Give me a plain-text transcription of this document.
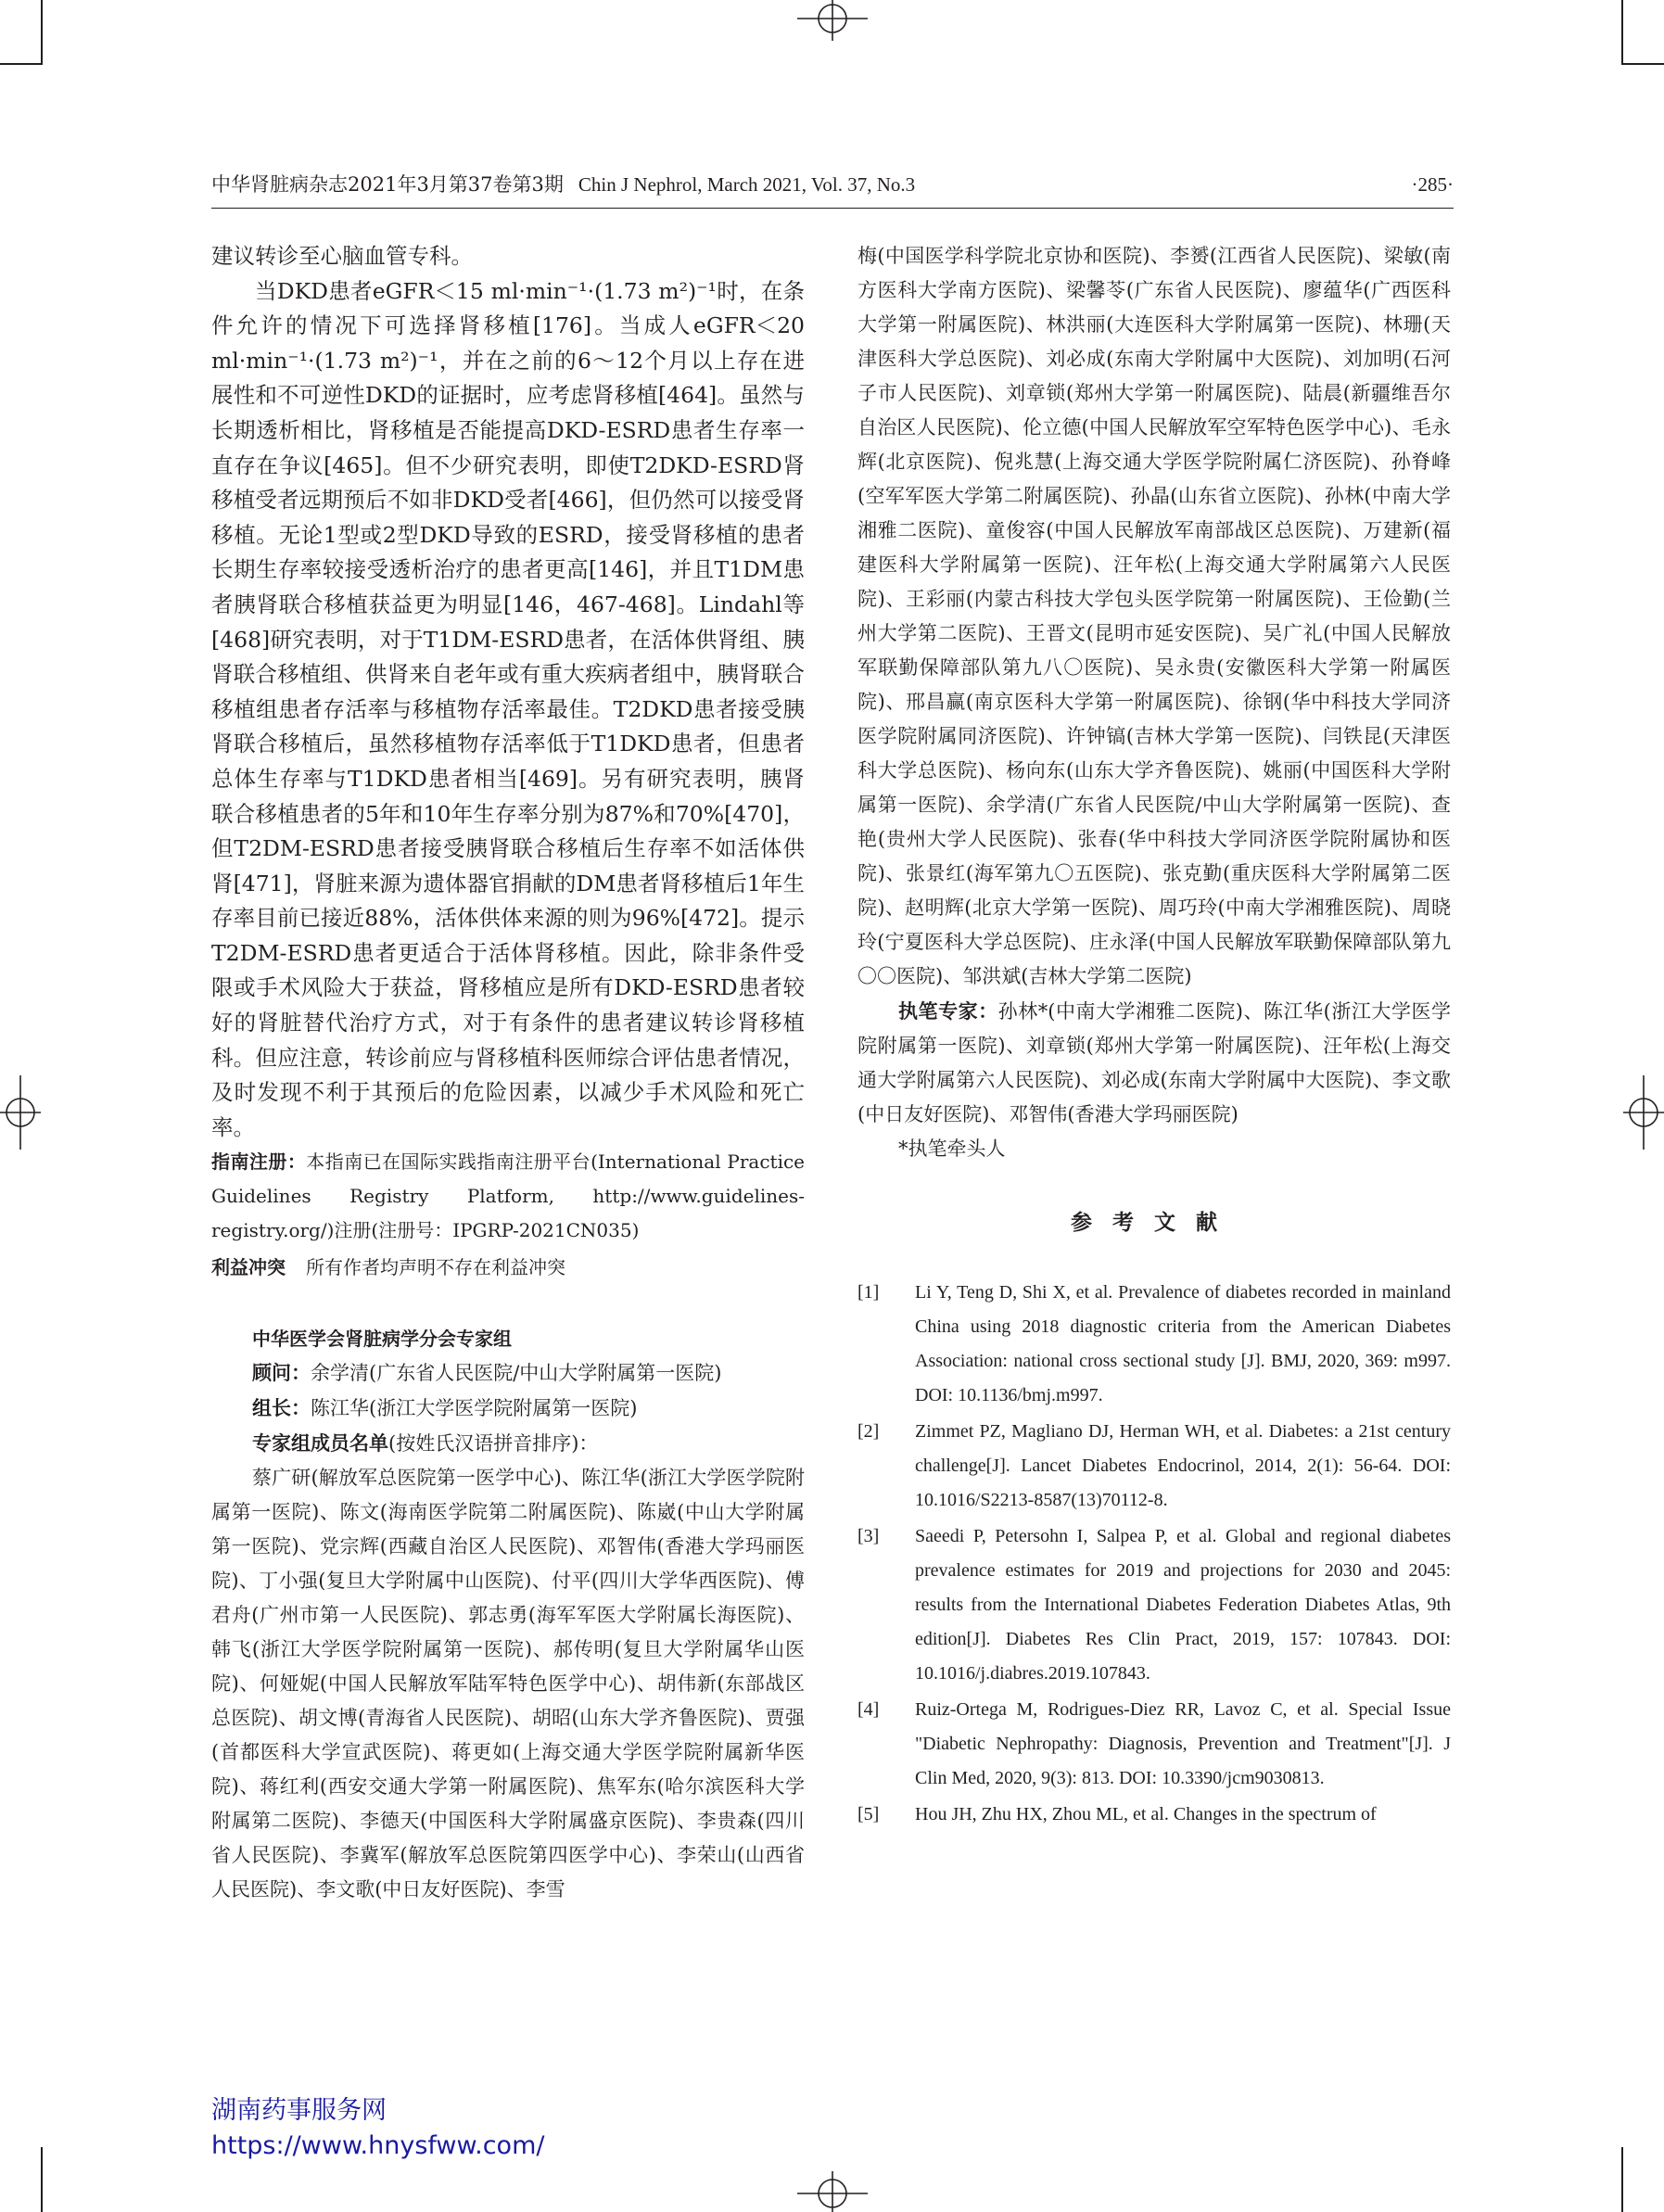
中华肾脏病杂志2021年3月第37卷第3期 Chin J Nephrol, March 2021, Vol. 37, No.3	·285·

建议转诊至心脑血管专科。

当DKD患者eGFR＜15 ml·min⁻¹·(1.73 m²)⁻¹时，在条件允许的情况下可选择肾移植[176]。当成人eGFR＜20 ml·min⁻¹·(1.73 m²)⁻¹，并在之前的6～12个月以上存在进展性和不可逆性DKD的证据时，应考虑肾移植[464]。虽然与长期透析相比，肾移植是否能提高DKD-ESRD患者生存率一直存在争议[465]。但不少研究表明，即使T2DKD-ESRD肾移植受者远期预后不如非DKD受者[466]，但仍然可以接受肾移植。无论1型或2型DKD导致的ESRD，接受肾移植的患者长期生存率较接受透析治疗的患者更高[146]，并且T1DM患者胰肾联合移植获益更为明显[146，467-468]。Lindahl等[468]研究表明，对于T1DM-ESRD患者，在活体供肾组、胰肾联合移植组、供肾来自老年或有重大疾病者组中，胰肾联合移植组患者存活率与移植物存活率最佳。T2DKD患者接受胰肾联合移植后，虽然移植物存活率低于T1DKD患者，但患者总体生存率与T1DKD患者相当[469]。另有研究表明，胰肾联合移植患者的5年和10年生存率分别为87%和70%[470]，但T2DM-ESRD患者接受胰肾联合移植后生存率不如活体供肾[471]，肾脏来源为遗体器官捐献的DM患者肾移植后1年生存率目前已接近88%，活体供体来源的则为96%[472]。提示T2DM-ESRD患者更适合于活体肾移植。因此，除非条件受限或手术风险大于获益，肾移植应是所有DKD-ESRD患者较好的肾脏替代治疗方式，对于有条件的患者建议转诊肾移植科。但应注意，转诊前应与肾移植科医师综合评估患者情况，及时发现不利于其预后的危险因素，以减少手术风险和死亡率。

指南注册：本指南已在国际实践指南注册平台(International Practice Guidelines Registry Platform, http://www.guidelines-registry.org/)注册(注册号：IPGRP-2021CN035)

利益冲突 所有作者均声明不存在利益冲突

中华医学会肾脏病学分会专家组

顾问：余学清(广东省人民医院/中山大学附属第一医院)

组长：陈江华(浙江大学医学院附属第一医院)

专家组成员名单(按姓氏汉语拼音排序)：

蔡广研(解放军总医院第一医学中心)、陈江华(浙江大学医学院附属第一医院)、陈文(海南医学院第二附属医院)、陈崴(中山大学附属第一医院)、党宗辉(西藏自治区人民医院)、邓智伟(香港大学玛丽医院)、丁小强(复旦大学附属中山医院)、付平(四川大学华西医院)、傅君舟(广州市第一人民医院)、郭志勇(海军军医大学附属长海医院)、韩飞(浙江大学医学院附属第一医院)、郝传明(复旦大学附属华山医院)、何娅妮(中国人民解放军陆军特色医学中心)、胡伟新(东部战区总医院)、胡文博(青海省人民医院)、胡昭(山东大学齐鲁医院)、贾强(首都医科大学宣武医院)、蒋更如(上海交通大学医学院附属新华医院)、蒋红利(西安交通大学第一附属医院)、焦军东(哈尔滨医科大学附属第二医院)、李德天(中国医科大学附属盛京医院)、李贵森(四川省人民医院)、李冀军(解放军总医院第四医学中心)、李荣山(山西省人民医院)、李文歌(中日友好医院)、李雪

梅(中国医学科学院北京协和医院)、李赟(江西省人民医院)、梁敏(南方医科大学南方医院)、梁馨苓(广东省人民医院)、廖蕴华(广西医科大学第一附属医院)、林洪丽(大连医科大学附属第一医院)、林珊(天津医科大学总医院)、刘必成(东南大学附属中大医院)、刘加明(石河子市人民医院)、刘章锁(郑州大学第一附属医院)、陆晨(新疆维吾尔自治区人民医院)、伦立德(中国人民解放军空军特色医学中心)、毛永辉(北京医院)、倪兆慧(上海交通大学医学院附属仁济医院)、孙脊峰(空军军医大学第二附属医院)、孙晶(山东省立医院)、孙林(中南大学湘雅二医院)、童俊容(中国人民解放军南部战区总医院)、万建新(福建医科大学附属第一医院)、汪年松(上海交通大学附属第六人民医院)、王彩丽(内蒙古科技大学包头医学院第一附属医院)、王俭勤(兰州大学第二医院)、王晋文(昆明市延安医院)、吴广礼(中国人民解放军联勤保障部队第九八〇医院)、吴永贵(安徽医科大学第一附属医院)、邢昌赢(南京医科大学第一附属医院)、徐钢(华中科技大学同济医学院附属同济医院)、许钟镐(吉林大学第一医院)、闫铁昆(天津医科大学总医院)、杨向东(山东大学齐鲁医院)、姚丽(中国医科大学附属第一医院)、余学清(广东省人民医院/中山大学附属第一医院)、查艳(贵州大学人民医院)、张春(华中科技大学同济医学院附属协和医院)、张景红(海军第九〇五医院)、张克勤(重庆医科大学附属第二医院)、赵明辉(北京大学第一医院)、周巧玲(中南大学湘雅医院)、周晓玲(宁夏医科大学总医院)、庄永泽(中国人民解放军联勤保障部队第九〇〇医院)、邹洪斌(吉林大学第二医院)

执笔专家：孙林*(中南大学湘雅二医院)、陈江华(浙江大学医学院附属第一医院)、刘章锁(郑州大学第一附属医院)、汪年松(上海交通大学附属第六人民医院)、刘必成(东南大学附属中大医院)、李文歌(中日友好医院)、邓智伟(香港大学玛丽医院)

*执笔牵头人

参考文献

[1] Li Y, Teng D, Shi X, et al. Prevalence of diabetes recorded in mainland China using 2018 diagnostic criteria from the American Diabetes Association: national cross sectional study [J]. BMJ, 2020, 369: m997. DOI: 10.1136/bmj.m997.

[2] Zimmet PZ, Magliano DJ, Herman WH, et al. Diabetes: a 21st century challenge[J]. Lancet Diabetes Endocrinol, 2014, 2(1): 56-64. DOI: 10.1016/S2213-8587(13)70112-8.

[3] Saeedi P, Petersohn I, Salpea P, et al. Global and regional diabetes prevalence estimates for 2019 and projections for 2030 and 2045: results from the International Diabetes Federation Diabetes Atlas, 9th edition[J]. Diabetes Res Clin Pract, 2019, 157: 107843. DOI: 10.1016/j.diabres.2019.107843.

[4] Ruiz-Ortega M, Rodrigues-Diez RR, Lavoz C, et al. Special Issue "Diabetic Nephropathy: Diagnosis, Prevention and Treatment"[J]. J Clin Med, 2020, 9(3): 813. DOI: 10.3390/jcm9030813.

[5] Hou JH, Zhu HX, Zhou ML, et al. Changes in the spectrum of

湖南药事服务网
https://www.hnysfww.com/
